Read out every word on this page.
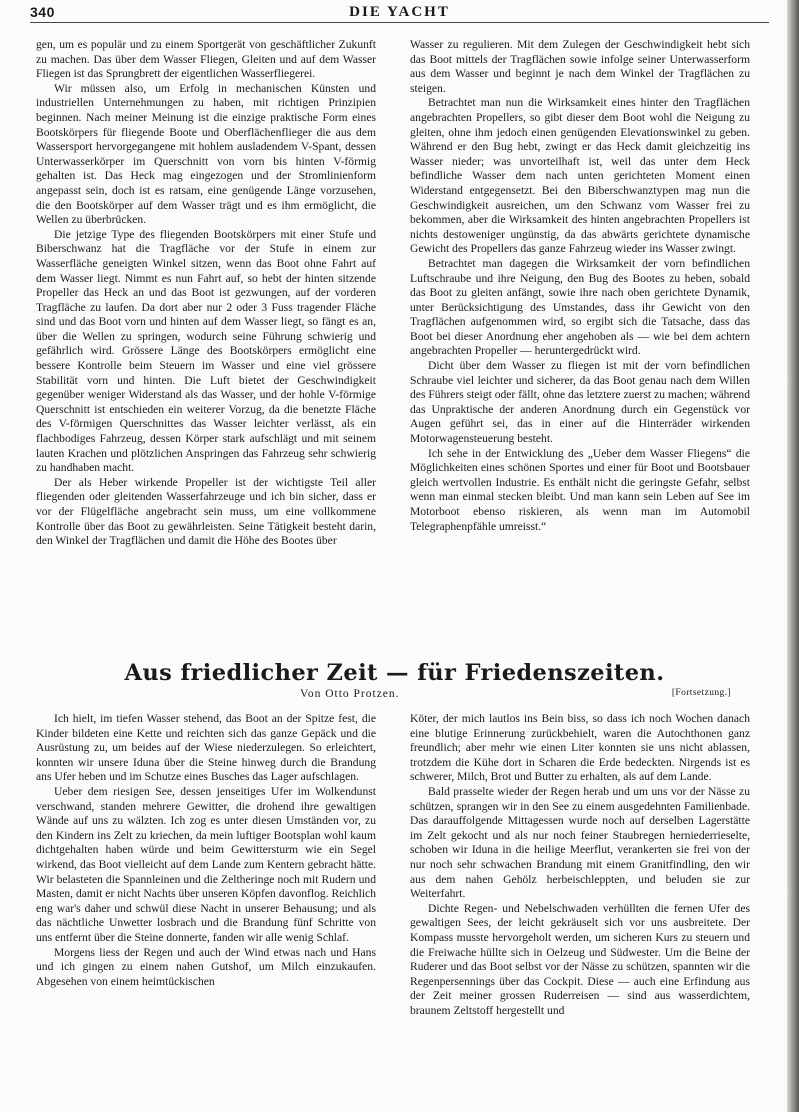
340	DIE YACHT

gen, um es populär und zu einem Sportgerät von geschäftlicher Zukunft zu machen. Das über dem Wasser Fliegen, Gleiten und auf dem Wasser Fliegen ist das Sprungbrett der eigentlichen Wasserfliegerei.

Wir müssen also, um Erfolg in mechanischen Künsten und industriellen Unternehmungen zu haben, mit richtigen Prinzipien beginnen. Nach meiner Meinung ist die einzige praktische Form eines Bootskörpers für fliegende Boote und Oberflächenflieger die aus dem Wassersport hervorgegangene mit hohlem ausladendem V-Spant, dessen Unterwasserkörper im Querschnitt von vorn bis hinten V-förmig gehalten ist. Das Heck mag eingezogen und der Stromlinienform angepasst sein, doch ist es ratsam, eine genügende Länge vorzusehen, die den Bootskörper auf dem Wasser trägt und es ihm ermöglicht, die Wellen zu überbrücken.

Die jetzige Type des fliegenden Bootskörpers mit einer Stufe und Biberschwanz hat die Tragfläche vor der Stufe in einem zur Wasserfläche geneigten Winkel sitzen, wenn das Boot ohne Fahrt auf dem Wasser liegt. Nimmt es nun Fahrt auf, so hebt der hinten sitzende Propeller das Heck an und das Boot ist gezwungen, auf der vorderen Tragfläche zu laufen. Da dort aber nur 2 oder 3 Fuss tragender Fläche sind und das Boot vorn und hinten auf dem Wasser liegt, so fängt es an, über die Wellen zu springen, wodurch seine Führung schwierig und gefährlich wird. Grössere Länge des Bootskörpers ermöglicht eine bessere Kontrolle beim Steuern im Wasser und eine viel grössere Stabilität vorn und hinten. Die Luft bietet der Geschwindigkeit gegenüber weniger Widerstand als das Wasser, und der hohle V-förmige Querschnitt ist entschieden ein weiterer Vorzug, da die benetzte Fläche des V-förmigen Querschnittes das Wasser leichter verlässt, als ein flachbodiges Fahrzeug, dessen Körper stark aufschlägt und mit seinem lauten Krachen und plötzlichen Anspringen das Fahrzeug sehr schwierig zu handhaben macht.

Der als Heber wirkende Propeller ist der wichtigste Teil aller fliegenden oder gleitenden Wasserfahrzeuge und ich bin sicher, dass er vor der Flügelfläche angebracht sein muss, um eine vollkommene Kontrolle über das Boot zu gewährleisten. Seine Tätigkeit besteht darin, den Winkel der Tragflächen und damit die Höhe des Bootes über

Wasser zu regulieren. Mit dem Zulegen der Geschwindigkeit hebt sich das Boot mittels der Tragflächen sowie infolge seiner Unterwasserform aus dem Wasser und beginnt je nach dem Winkel der Tragflächen zu steigen.

Betrachtet man nun die Wirksamkeit eines hinter den Tragflächen angebrachten Propellers, so gibt dieser dem Boot wohl die Neigung zu gleiten, ohne ihm jedoch einen genügenden Elevationswinkel zu geben. Während er den Bug hebt, zwingt er das Heck damit gleichzeitig ins Wasser nieder; was unvorteilhaft ist, weil das unter dem Heck befindliche Wasser dem nach unten gerichteten Moment einen Widerstand entgegensetzt. Bei den Biberschwanztypen mag nun die Geschwindigkeit ausreichen, um den Schwanz vom Wasser frei zu bekommen, aber die Wirksamkeit des hinten angebrachten Propellers ist nichts destoweniger ungünstig, da das abwärts gerichtete dynamische Gewicht des Propellers das ganze Fahrzeug wieder ins Wasser zwingt.

Betrachtet man dagegen die Wirksamkeit der vorn befindlichen Luftschraube und ihre Neigung, den Bug des Bootes zu heben, sobald das Boot zu gleiten anfängt, sowie ihre nach oben gerichtete Dynamik, unter Berücksichtigung des Umstandes, dass ihr Gewicht von den Tragflächen aufgenommen wird, so ergibt sich die Tatsache, dass das Boot bei dieser Anordnung eher angehoben als — wie bei dem achtern angebrachten Propeller — heruntergedrückt wird.

Dicht über dem Wasser zu fliegen ist mit der vorn befindlichen Schraube viel leichter und sicherer, da das Boot genau nach dem Willen des Führers steigt oder fällt, ohne das letztere zuerst zu machen; während das Unpraktische der anderen Anordnung durch ein Gegenstück vor Augen geführt sei, das in einer auf die Hinterräder wirkenden Motorwagensteuerung besteht.

Ich sehe in der Entwicklung des „Ueber dem Wasser Fliegens“ die Möglichkeiten eines schönen Sportes und einer für Boot und Bootsbauer gleich wertvollen Industrie. Es enthält nicht die geringste Gefahr, selbst wenn man einmal stecken bleibt. Und man kann sein Leben auf See im Motorboot ebenso riskieren, als wenn man im Automobil Telegraphenpfähle umreisst.“

Aus friedlicher Zeit — für Friedenszeiten.
Von Otto Protzen.	[Fortsetzung.]

Ich hielt, im tiefen Wasser stehend, das Boot an der Spitze fest, die Kinder bildeten eine Kette und reichten sich das ganze Gepäck und die Ausrüstung zu, um beides auf der Wiese niederzulegen. So erleichtert, konnten wir unsere Iduna über die Steine hinweg durch die Brandung ans Ufer heben und im Schutze eines Busches das Lager aufschlagen.

Ueber dem riesigen See, dessen jenseitiges Ufer im Wolkendunst verschwand, standen mehrere Gewitter, die drohend ihre gewaltigen Wände auf uns zu wälzten. Ich zog es unter diesen Umständen vor, zu den Kindern ins Zelt zu kriechen, da mein luftiger Bootsplan wohl kaum dichtgehalten haben würde und beim Gewittersturm wie ein Segel wirkend, das Boot vielleicht auf dem Lande zum Kentern gebracht hätte. Wir belasteten die Spannleinen und die Zeltheringe noch mit Rudern und Masten, damit er nicht Nachts über unseren Köpfen davonflog. Reichlich eng war's daher und schwül diese Nacht in unserer Behausung; und als das nächtliche Unwetter losbrach und die Brandung fünf Schritte von uns entfernt über die Steine donnerte, fanden wir alle wenig Schlaf.

Morgens liess der Regen und auch der Wind etwas nach und Hans und ich gingen zu einem nahen Gutshof, um Milch einzukaufen. Abgesehen von einem heimtückischen

Köter, der mich lautlos ins Bein biss, so dass ich noch Wochen danach eine blutige Erinnerung zurückbehielt, waren die Autochthonen ganz freundlich; aber mehr wie einen Liter konnten sie uns nicht ablassen, trotzdem die Kühe dort in Scharen die Erde bedeckten. Nirgends ist es schwerer, Milch, Brot und Butter zu erhalten, als auf dem Lande.

Bald prasselte wieder der Regen herab und um uns vor der Nässe zu schützen, sprangen wir in den See zu einem ausgedehnten Familienbade. Das darauffolgende Mittagessen wurde noch auf derselben Lagerstätte im Zelt gekocht und als nur noch feiner Staubregen herniederrieselte, schoben wir Iduna in die heilige Meerflut, verankerten sie frei von der nur noch sehr schwachen Brandung mit einem Granitfindling, den wir aus dem nahen Gehölz herbeischleppten, und beluden sie zur Weiterfahrt.

Dichte Regen- und Nebelschwaden verhüllten die fernen Ufer des gewaltigen Sees, der leicht gekräuselt sich vor uns ausbreitete. Der Kompass musste hervorgeholt werden, um sicheren Kurs zu steuern und die Freiwache hüllte sich in Oelzeug und Südwester. Um die Beine der Ruderer und das Boot selbst vor der Nässe zu schützen, spannten wir die Regenpersennings über das Cockpit. Diese — auch eine Erfindung aus der Zeit meiner grossen Ruderreisen — sind aus wasserdichtem, braunem Zeltstoff hergestellt und
